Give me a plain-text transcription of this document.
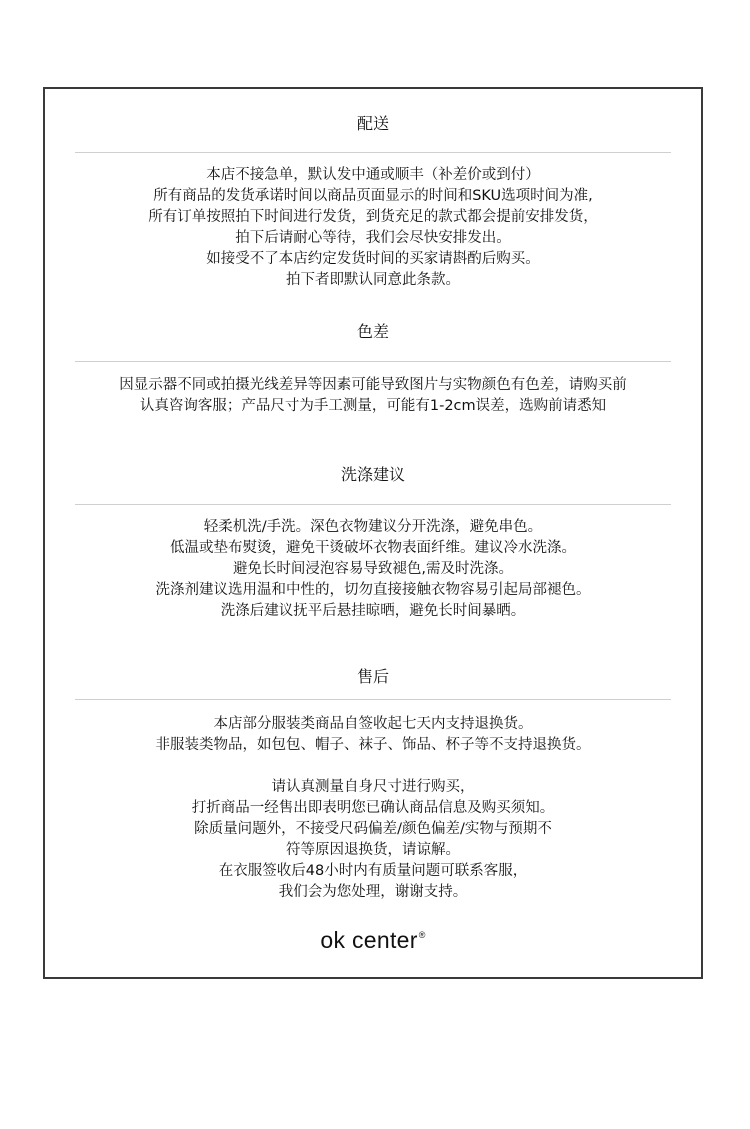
配送
本店不接急单，默认发中通或顺丰（补差价或到付）
所有商品的发货承诺时间以商品页面显示的时间和SKU选项时间为准,
所有订单按照拍下时间进行发货，到货充足的款式都会提前安排发货，
拍下后请耐心等待，我们会尽快安排发出。
如接受不了本店约定发货时间的买家请斟酌后购买。
拍下者即默认同意此条款。
色差
因显示器不同或拍摄光线差异等因素可能导致图片与实物颜色有色差，请购买前
认真咨询客服；产品尺寸为手工测量，可能有1-2cm误差，选购前请悉知
洗涤建议
轻柔机洗/手洗。深色衣物建议分开洗涤，避免串色。
低温或垫布熨烫，避免干烫破坏衣物表面纤维。建议冷水洗涤。
避免长时间浸泡容易导致褪色,需及时洗涤。
洗涤剂建议选用温和中性的，切勿直接接触衣物容易引起局部褪色。
洗涤后建议抚平后悬挂晾晒，避免长时间暴晒。
售后
本店部分服装类商品自签收起七天内支持退换货。
非服装类物品，如包包、帽子、袜子、饰品、杯子等不支持退换货。
请认真测量自身尺寸进行购买，
打折商品一经售出即表明您已确认商品信息及购买须知。
除质量问题外，不接受尺码偏差/颜色偏差/实物与预期不
符等原因退换货，请谅解。
在衣服签收后48小时内有质量问题可联系客服，
我们会为您处理，谢谢支持。
ok center®
